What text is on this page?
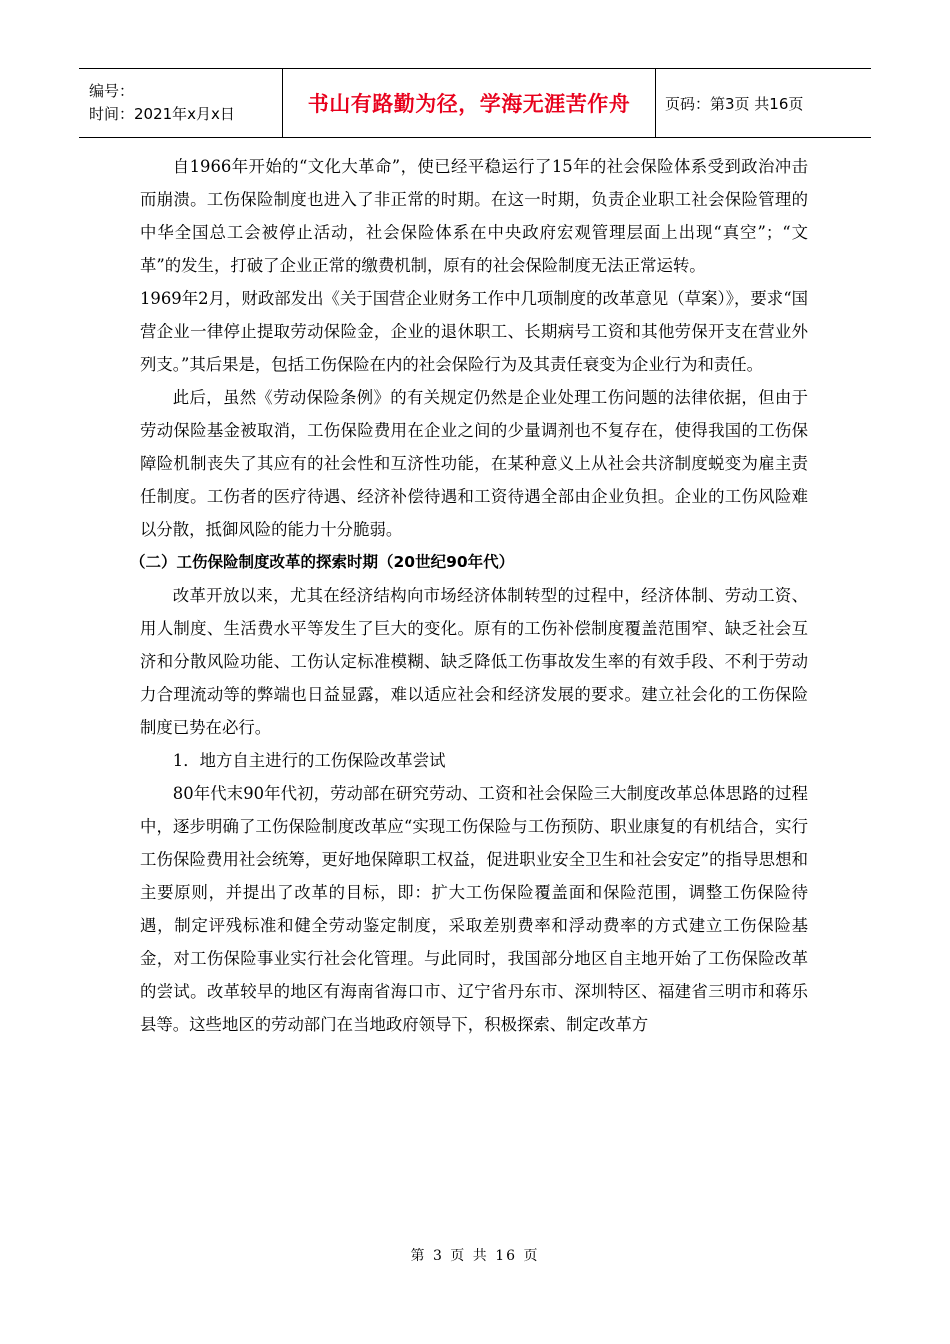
编号：
时间：2021年x月x日	书山有路勤为径，学海无涯苦作舟 页码：第3页 共16页

自1966年开始的“文化大革命”，使已经平稳运行了15年的社会保险体系受到政治冲击而崩溃。工伤保险制度也进入了非正常的时期。在这一时期，负责企业职工社会保险管理的中华全国总工会被停止活动，社会保险体系在中央政府宏观管理层面上出现“真空”；“文革”的发生，打破了企业正常的缴费机制，原有的社会保险制度无法正常运转。

1969年2月，财政部发出《关于国营企业财务工作中几项制度的改革意见（草案）》，要求“国营企业一律停止提取劳动保险金，企业的退休职工、长期病号工资和其他劳保开支在营业外列支。”其后果是，包括工伤保险在内的社会保险行为及其责任衰变为企业行为和责任。

此后，虽然《劳动保险条例》的有关规定仍然是企业处理工伤问题的法律依据，但由于劳动保险基金被取消，工伤保险费用在企业之间的少量调剂也不复存在，使得我国的工伤保障险机制丧失了其应有的社会性和互济性功能，在某种意义上从社会共济制度蜕变为雇主责任制度。工伤者的医疗待遇、经济补偿待遇和工资待遇全部由企业负担。企业的工伤风险难以分散，抵御风险的能力十分脆弱。

（二）工伤保险制度改革的探索时期（20世纪90年代）

改革开放以来，尤其在经济结构向市场经济体制转型的过程中，经济体制、劳动工资、用人制度、生活费水平等发生了巨大的变化。原有的工伤补偿制度覆盖范围窄、缺乏社会互济和分散风险功能、工伤认定标准模糊、缺乏降低工伤事故发生率的有效手段、不利于劳动力合理流动等的弊端也日益显露，难以适应社会和经济发展的要求。建立社会化的工伤保险制度已势在必行。

1．地方自主进行的工伤保险改革尝试

80年代末90年代初，劳动部在研究劳动、工资和社会保险三大制度改革总体思路的过程中，逐步明确了工伤保险制度改革应“实现工伤保险与工伤预防、职业康复的有机结合，实行工伤保险费用社会统筹，更好地保障职工权益，促进职业安全卫生和社会安定”的指导思想和主要原则，并提出了改革的目标，即：扩大工伤保险覆盖面和保险范围，调整工伤保险待遇，制定评残标准和健全劳动鉴定制度，采取差别费率和浮动费率的方式建立工伤保险基金，对工伤保险事业实行社会化管理。与此同时，我国部分地区自主地开始了工伤保险改革的尝试。改革较早的地区有海南省海口市、辽宁省丹东市、深圳特区、福建省三明市和蒋乐县等。这些地区的劳动部门在当地政府领导下，积极探索、制定改革方

第 3 页 共 16 页
